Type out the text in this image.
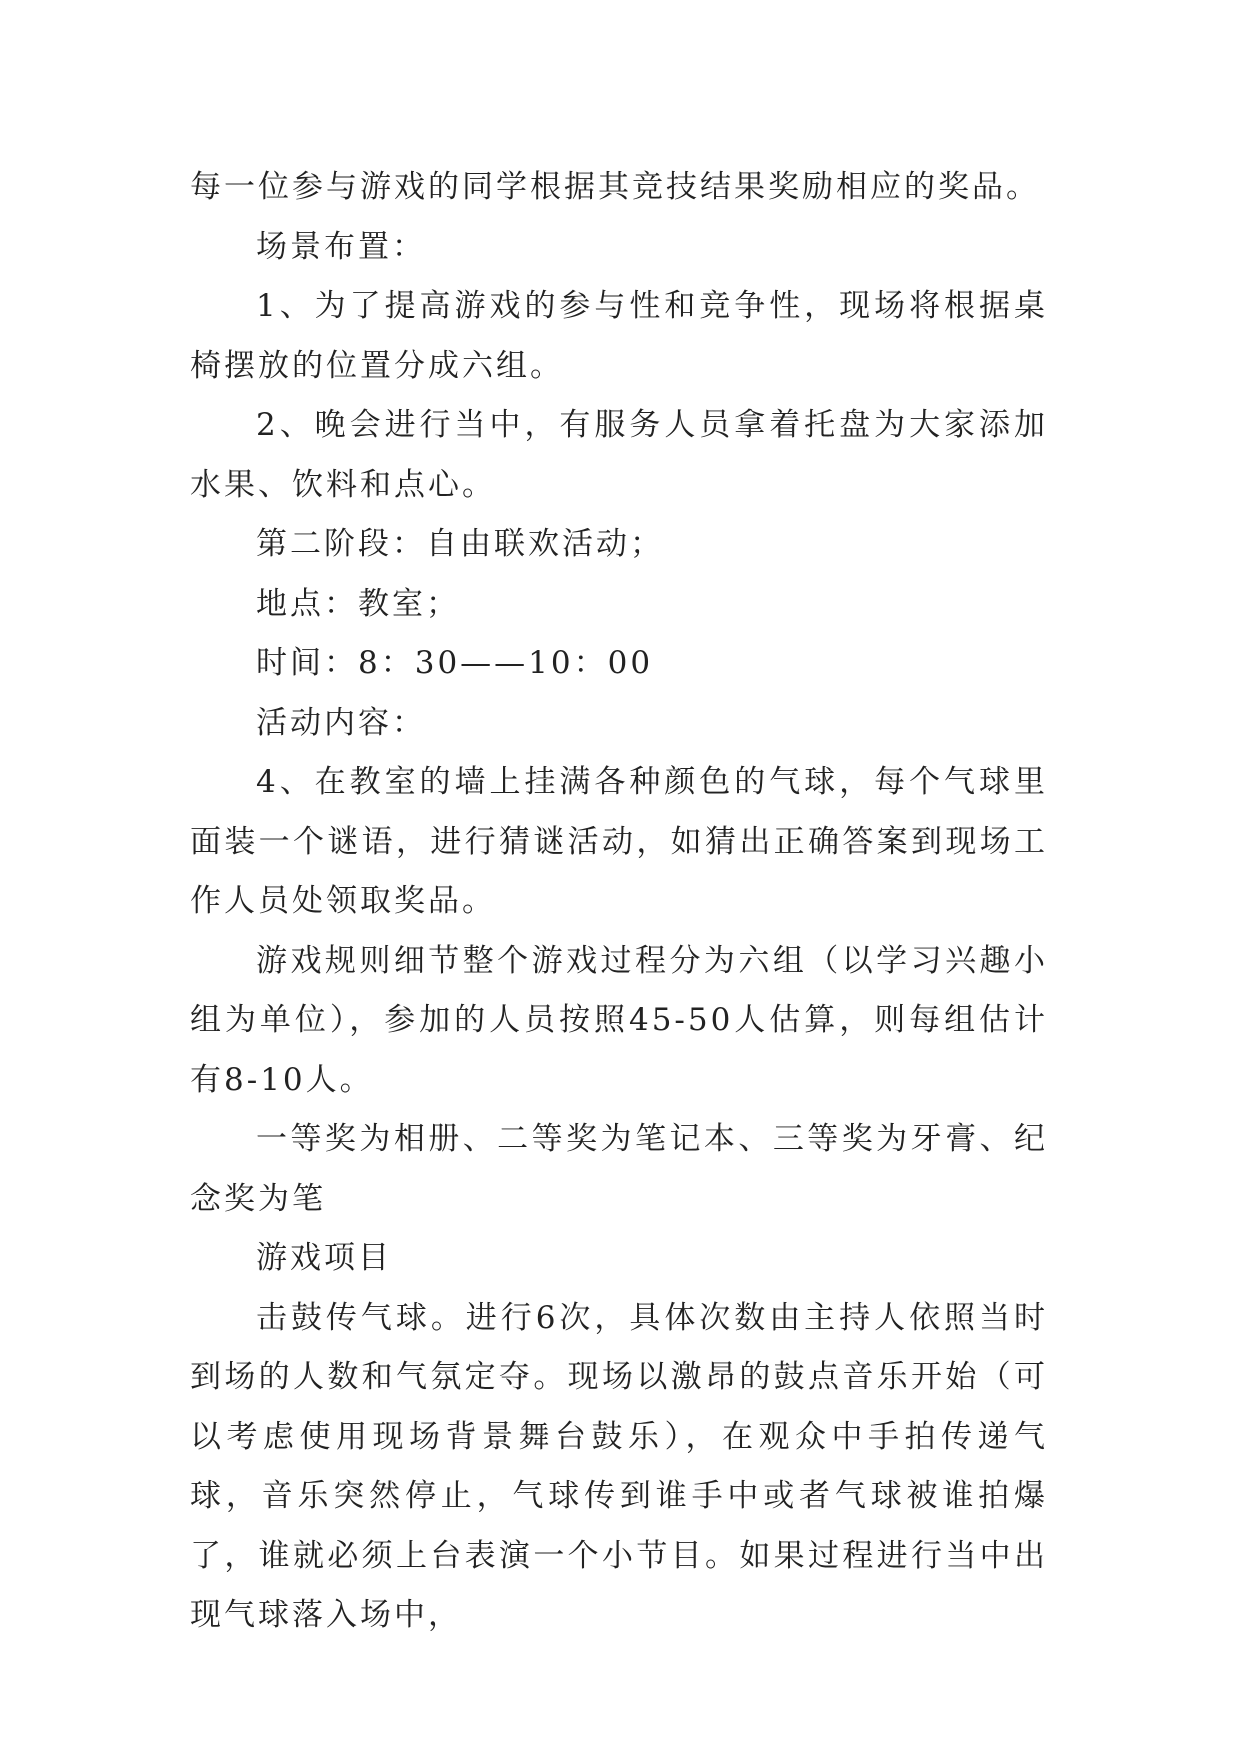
每一位参与游戏的同学根据其竞技结果奖励相应的奖品。

场景布置：

1、为了提高游戏的参与性和竞争性，现场将根据桌椅摆放的位置分成六组。

2、晚会进行当中，有服务人员拿着托盘为大家添加水果、饮料和点心。

第二阶段：自由联欢活动；

地点：教室；

时间：8：30——10：00

活动内容：

4、在教室的墙上挂满各种颜色的气球，每个气球里面装一个谜语，进行猜谜活动，如猜出正确答案到现场工作人员处领取奖品。

游戏规则细节整个游戏过程分为六组（以学习兴趣小组为单位），参加的人员按照45-50人估算，则每组估计有8-10人。

一等奖为相册、二等奖为笔记本、三等奖为牙膏、纪念奖为笔

游戏项目

击鼓传气球。进行6次，具体次数由主持人依照当时到场的人数和气氛定夺。现场以激昂的鼓点音乐开始（可以考虑使用现场背景舞台鼓乐），在观众中手拍传递气球，音乐突然停止，气球传到谁手中或者气球被谁拍爆了，谁就必须上台表演一个小节目。如果过程进行当中出现气球落入场中，
